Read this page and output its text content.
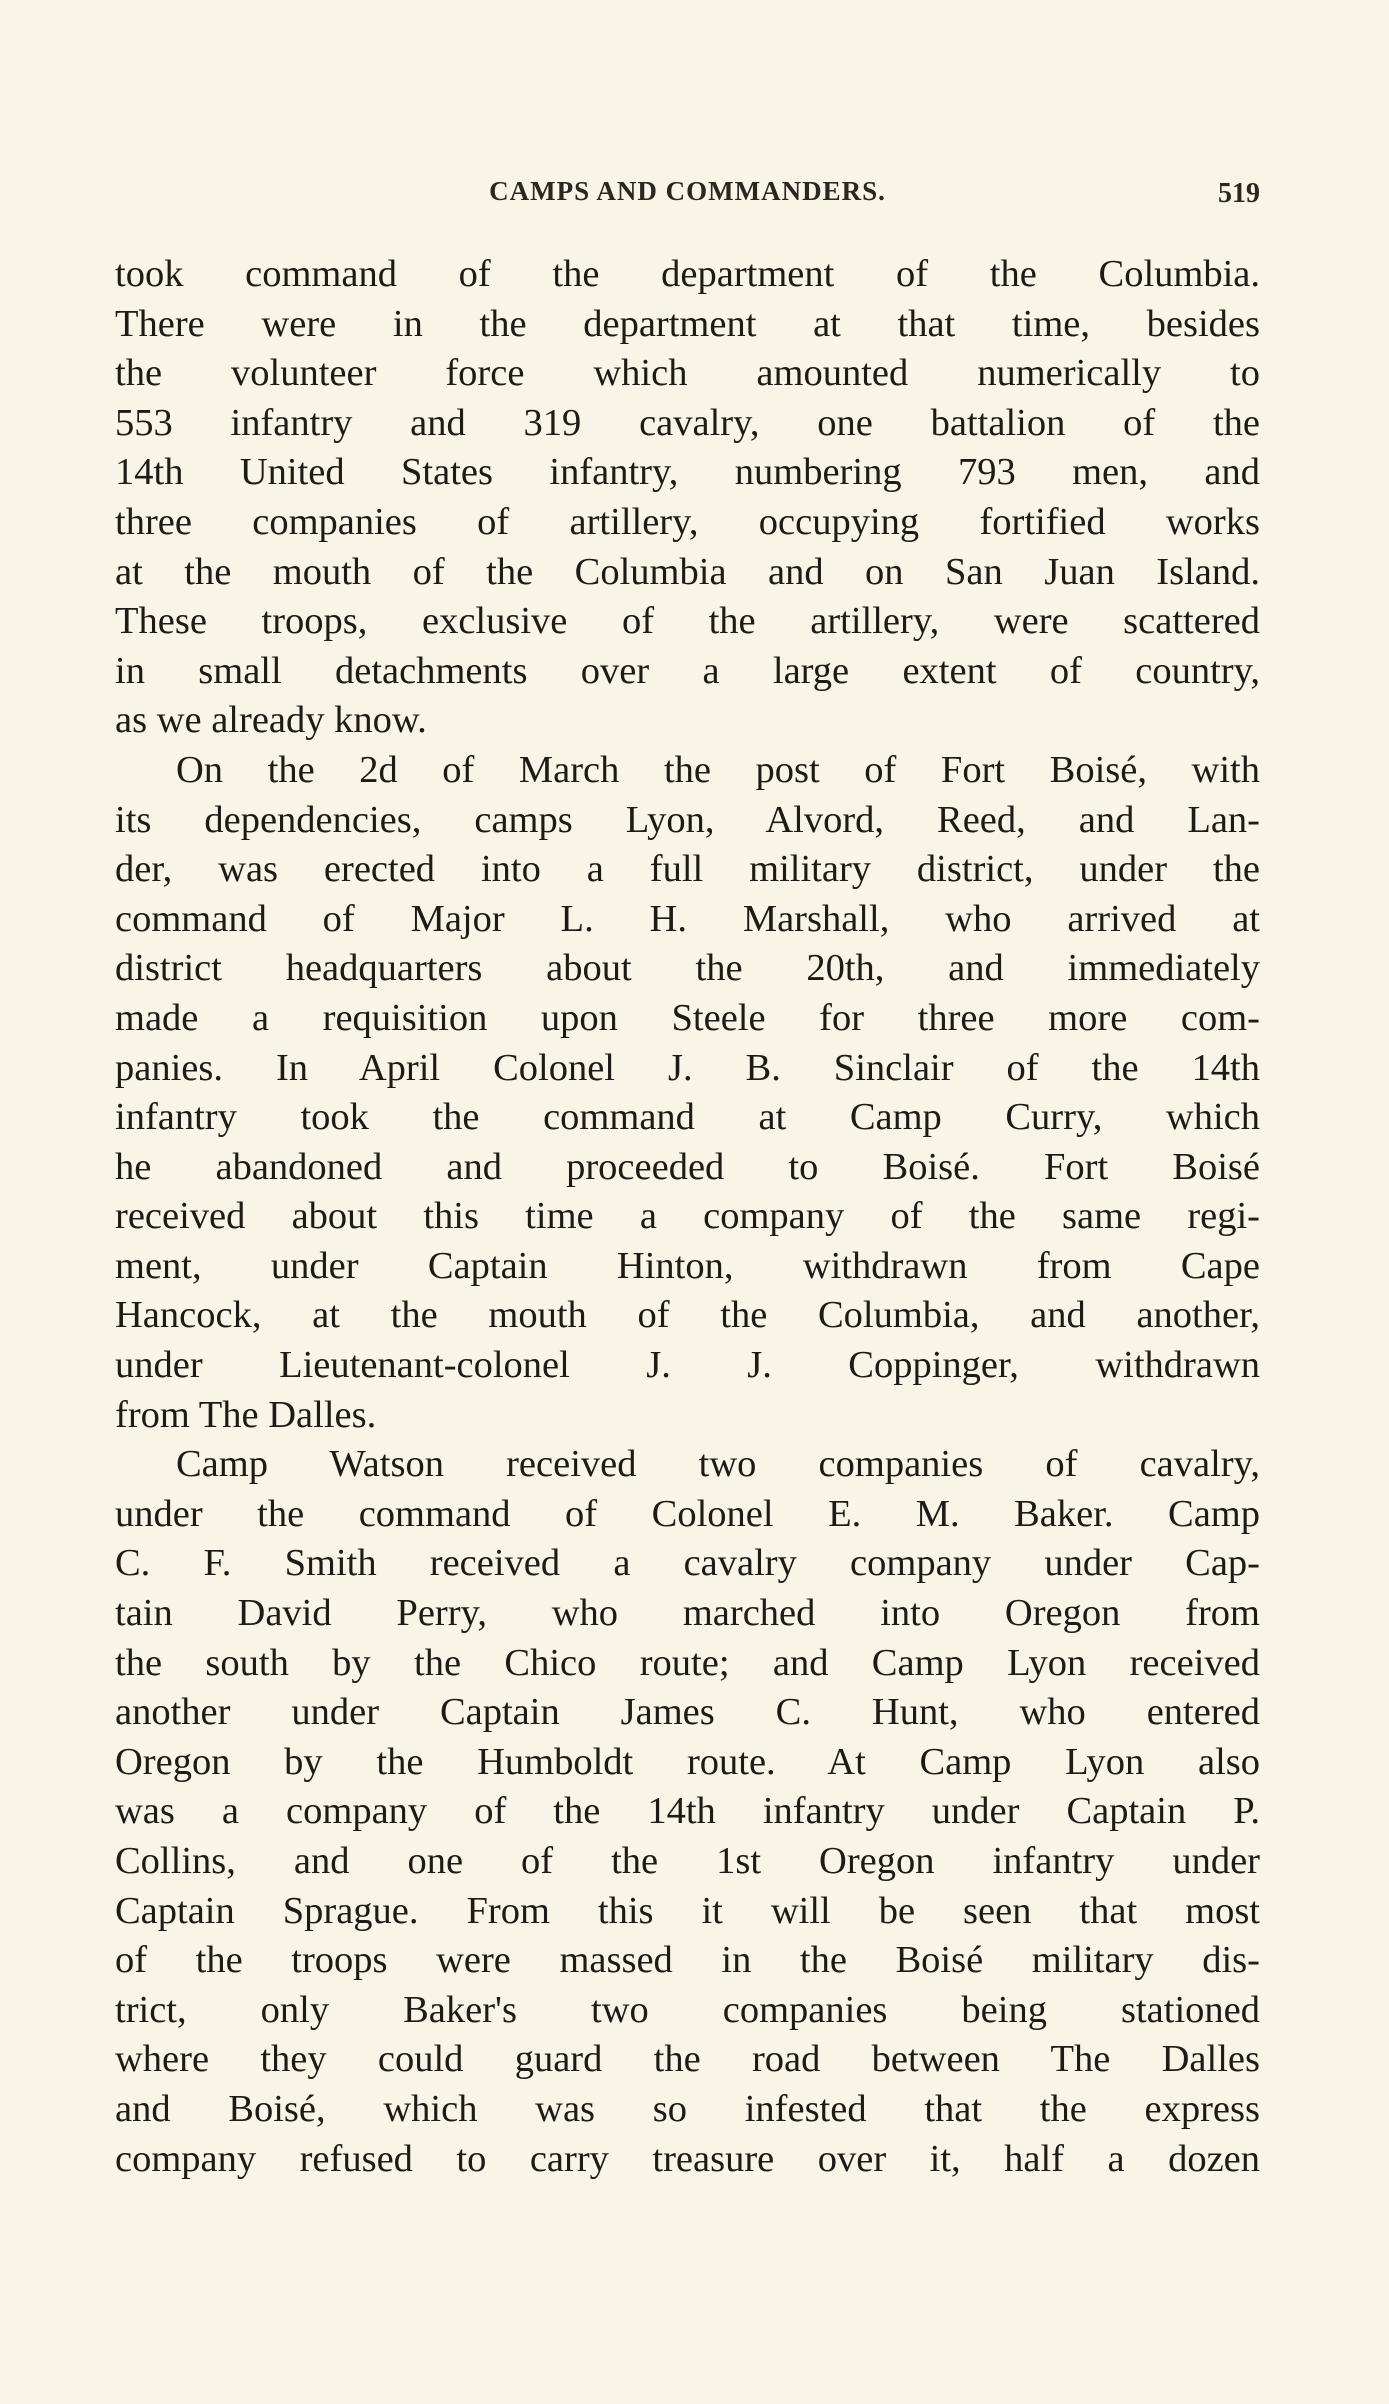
CAMPS AND COMMANDERS.	519
took command of the department of the Columbia.
There were in the department at that time, besides
the volunteer force which amounted numerically to
553 infantry and 319 cavalry, one battalion of the
14th United States infantry, numbering 793 men, and
three companies of artillery, occupying fortified works
at the mouth of the Columbia and on San Juan Island.
These troops, exclusive of the artillery, were scattered
in small detachments over a large extent of country,
as we already know.
On the 2d of March the post of Fort Boisé, with
its dependencies, camps Lyon, Alvord, Reed, and Lan-
der, was erected into a full military district, under the
command of Major L. H. Marshall, who arrived at
district headquarters about the 20th, and immediately
made a requisition upon Steele for three more com-
panies. In April Colonel J. B. Sinclair of the 14th
infantry took the command at Camp Curry, which
he abandoned and proceeded to Boisé. Fort Boisé
received about this time a company of the same regi-
ment, under Captain Hinton, withdrawn from Cape
Hancock, at the mouth of the Columbia, and another,
under Lieutenant-colonel J. J. Coppinger, withdrawn
from The Dalles.
Camp Watson received two companies of cavalry,
under the command of Colonel E. M. Baker. Camp
C. F. Smith received a cavalry company under Cap-
tain David Perry, who marched into Oregon from
the south by the Chico route; and Camp Lyon received
another under Captain James C. Hunt, who entered
Oregon by the Humboldt route. At Camp Lyon also
was a company of the 14th infantry under Captain P.
Collins, and one of the 1st Oregon infantry under
Captain Sprague. From this it will be seen that most
of the troops were massed in the Boisé military dis-
trict, only Baker's two companies being stationed
where they could guard the road between The Dalles
and Boisé, which was so infested that the express
company refused to carry treasure over it, half a dozen
